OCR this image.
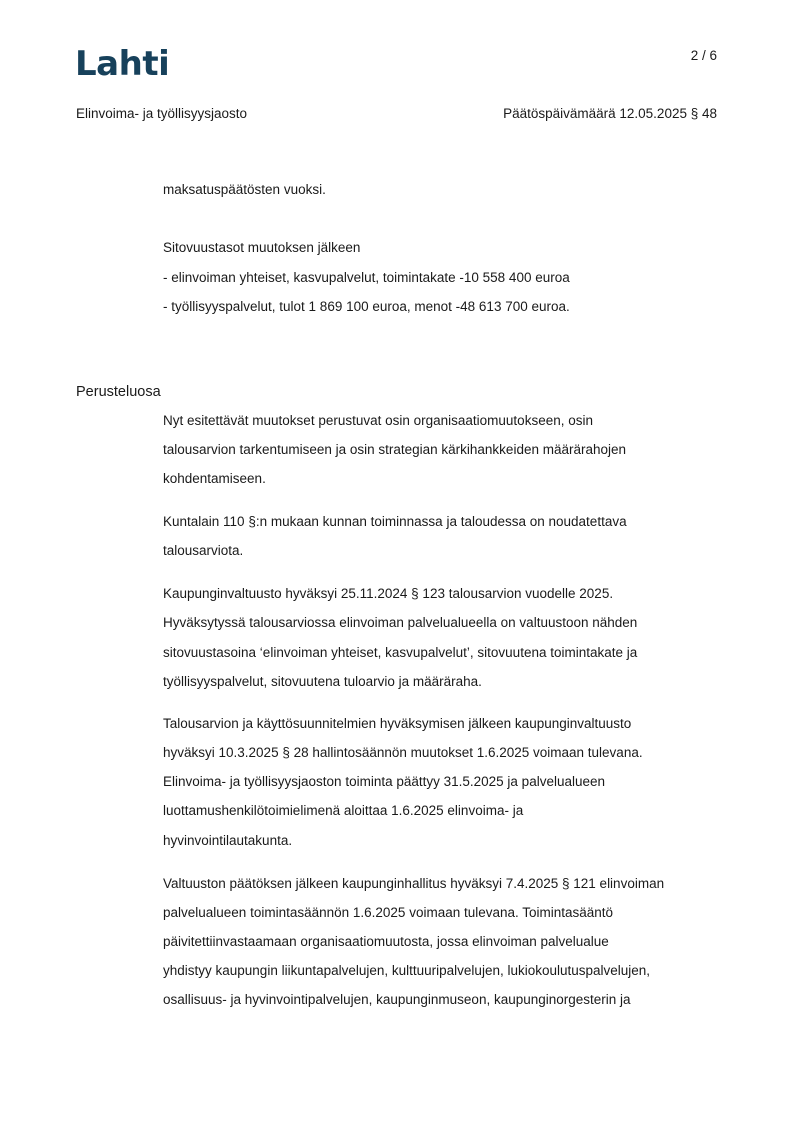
Lahti	2 / 6
Elinvoima- ja työllisyysjaosto	Päätöspäivämäärä 12.05.2025 § 48
maksatuspäätösten vuoksi.
Sitovuustasot muutoksen jälkeen
- elinvoiman yhteiset, kasvupalvelut, toimintakate -10 558 400 euroa
- työllisyyspalvelut, tulot 1 869 100 euroa, menot -48 613 700 euroa.
Perusteluosa
Nyt esitettävät muutokset perustuvat osin organisaatiomuutokseen, osin
talousarvion tarkentumiseen ja osin strategian kärkihankkeiden määrärahojen
kohdentamiseen.
Kuntalain 110 §:n mukaan kunnan toiminnassa ja taloudessa on noudatettava
talousarviota.
Kaupunginvaltuusto hyväksyi 25.11.2024 § 123 talousarvion vuodelle 2025.
Hyväksytyssä talousarviossa elinvoiman palvelualueella on valtuustoon nähden
sitovuustasoina ‘elinvoiman yhteiset, kasvupalvelut’, sitovuutena toimintakate ja
työllisyyspalvelut, sitovuutena tuloarvio ja määräraha.
Talousarvion ja käyttösuunnitelmien hyväksymisen jälkeen kaupunginvaltuusto
hyväksyi 10.3.2025 § 28 hallintosäännön muutokset 1.6.2025 voimaan tulevana.
Elinvoima- ja työllisyysjaoston toiminta päättyy 31.5.2025 ja palvelualueen
luottamushenkilötoimielimenä aloittaa 1.6.2025 elinvoima- ja
hyvinvointilautakunta.
Valtuuston päätöksen jälkeen kaupunginhallitus hyväksyi 7.4.2025 § 121 elinvoiman
palvelualueen toimintasäännön 1.6.2025 voimaan tulevana. Toimintasääntö
päivitettiinvastaamaan organisaatiomuutosta, jossa elinvoiman palvelualue
yhdistyy kaupungin liikuntapalvelujen, kulttuuripalvelujen, lukiokoulutuspalvelujen,
osallisuus- ja hyvinvointipalvelujen, kaupunginmuseon, kaupunginorgesterin ja
